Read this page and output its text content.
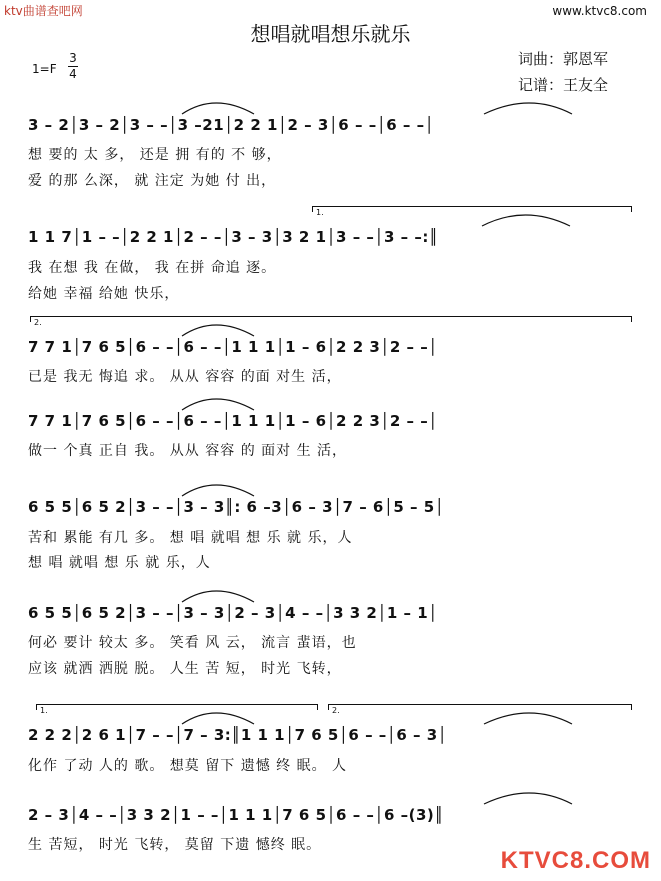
ktv曲谱查吧网	www.ktvc8.com
想唱就唱想乐就乐
词曲：郭恩军
记谱：王友全
1=F
3
4
3 – 2│3 – 2│3 – –│3 –21│2 2 1│2 – 3│6 – –│6 – –│
想 要的 太 多， 还是 拥 有的 不 够，
爱 的那 么深， 就 注定 为她 付 出，
1.
1 1 7│1 – –│2 2 1│2 – –│3 – 3│3 2 1│3 – –│3 – –:║
我 在想 我 在做， 我 在拼 命追 逐。
给她 幸福 给她 快乐，
2.
7 7 1│7 6 5│6 – –│6 – –│1 1 1│1 – 6│2 2 3│2 – –│
已是 我无 悔追 求。 从从 容容 的面 对生 活，
7 7 1│7 6 5│6 – –│6 – –│1 1 1│1 – 6│2 2 3│2 – –│
做一 个真 正自 我。 从从 容容 的 面对 生 活，
6 5 5│6 5 2│3 – –│3 – 3║: 6 –3│6 – 3│7 – 6│5 – 5│
苦和 累能 有几 多。 想 唱 就唱 想 乐 就 乐，人
想 唱 就唱 想 乐 就 乐，人
6 5 5│6 5 2│3 – –│3 – 3│2 – 3│4 – –│3 3 2│1 – 1│
何必 要计 较太 多。 笑看 风 云， 流言 蜚语，也
应该 就洒 洒脱 脱。 人生 苦 短， 时光 飞转，
1.	2.
2 2 2│2 6 1│7 – –│7 – 3:║1 1 1│7 6 5│6 – –│6 – 3│
化作 了动 人的 歌。 想莫 留下 遗憾 终 眠。 人
2 – 3│4 – –│3 3 2│1 – –│1 1 1│7 6 5│6 – –│6 –(3)║
生 苦短， 时光 飞转， 莫留 下遗 憾终 眠。
KTVC8.COM
